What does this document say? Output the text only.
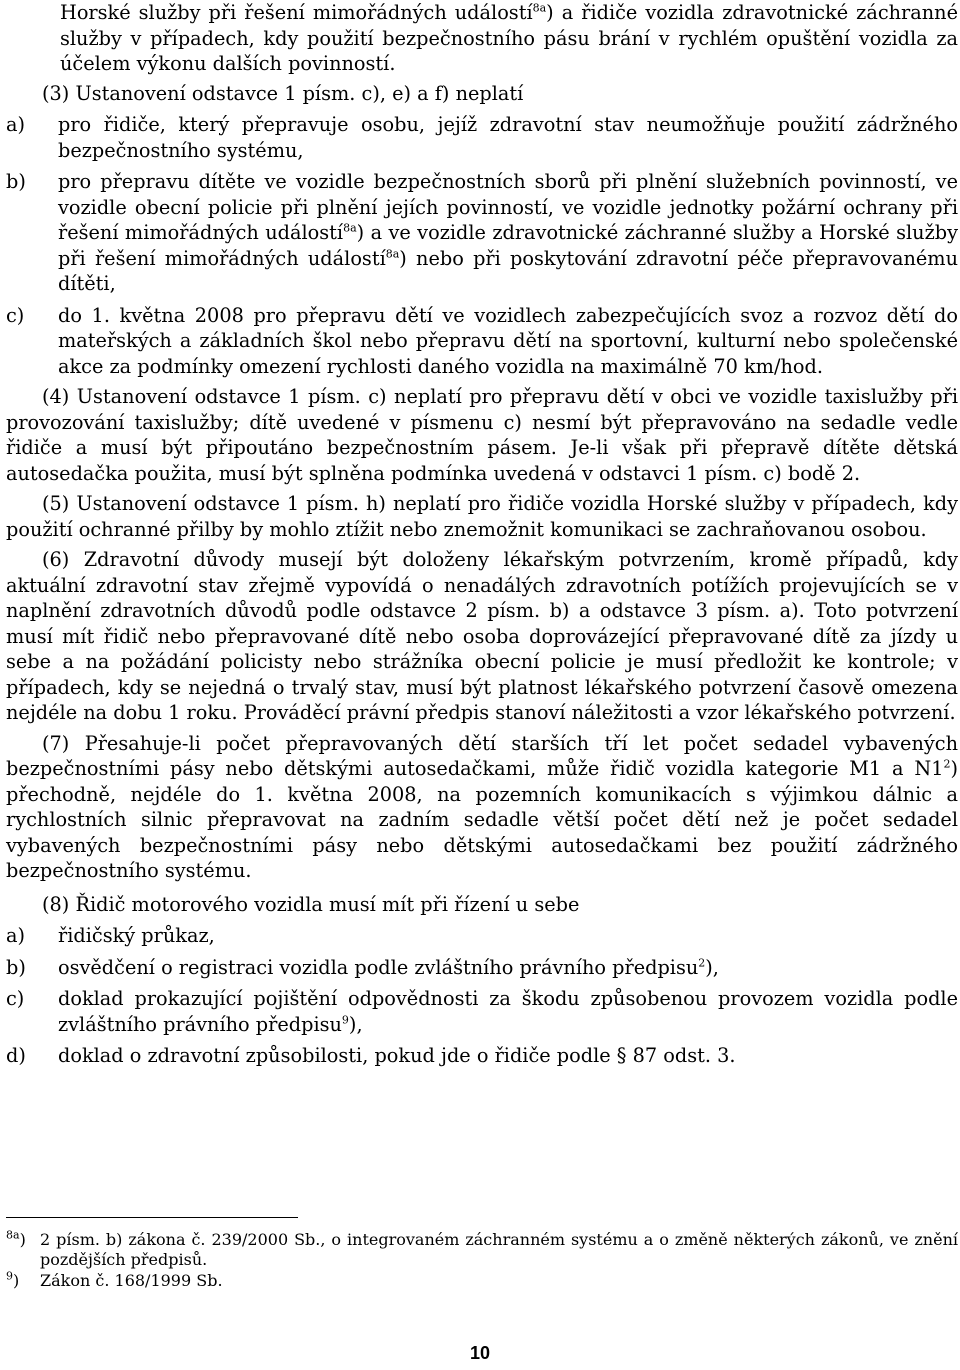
Horské služby při řešení mimořádných událostí$^{8a}$) a řidiče vozidla zdravotnické záchranné služby v případech, kdy použití bezpečnostního pásu brání v rychlém opuštění vozidla za účelem výkonu dalších povinností.

(3) Ustanovení odstavce 1 písm. c), e) a f) neplatí

a)	pro řidiče, který přepravuje osobu, jejíž zdravotní stav neumožňuje použití zádržného bezpečnostního systému,
b)	pro přepravu dítěte ve vozidle bezpečnostních sborů při plnění služebních povinností, ve vozidle obecní policie při plnění jejích povinností, ve vozidle jednotky požární ochrany při řešení mimořádných událostí$^{8a}$) a ve vozidle zdravotnické záchranné služby a Horské služby při řešení mimořádných událostí$^{8a}$) nebo při poskytování zdravotní péče přepravovanému dítěti,
c)	do 1. května 2008 pro přepravu dětí ve vozidlech zabezpečujících svoz a rozvoz dětí do mateřských a základních škol nebo přepravu dětí na sportovní, kulturní nebo společenské akce za podmínky omezení rychlosti daného vozidla na maximálně 70 km/hod.

(4) Ustanovení odstavce 1 písm. c) neplatí pro přepravu dětí v obci ve vozidle taxislužby při provozování taxislužby; dítě uvedené v písmenu c) nesmí být přepravováno na sedadle vedle řidiče a musí být připoutáno bezpečnostním pásem. Je-li však při přepravě dítěte dětská autosedačka použita, musí být splněna podmínka uvedená v odstavci 1 písm. c) bodě 2.

(5) Ustanovení odstavce 1 písm. h) neplatí pro řidiče vozidla Horské služby v případech, kdy použití ochranné přilby by mohlo ztížit nebo znemožnit komunikaci se zachraňovanou osobou.

(6) Zdravotní důvody musejí být doloženy lékařským potvrzením, kromě případů, kdy aktuální zdravotní stav zřejmě vypovídá o nenadálých zdravotních potížích projevujících se v naplnění zdravotních důvodů podle odstavce 2 písm. b) a odstavce 3 písm. a). Toto potvrzení musí mít řidič nebo přepravované dítě nebo osoba doprovázející přepravované dítě za jízdy u sebe a na požádání policisty nebo strážníka obecní policie je musí předložit ke kontrole; v případech, kdy se nejedná o trvalý stav, musí být platnost lékařského potvrzení časově omezena nejdéle na dobu 1 roku. Prováděcí právní předpis stanoví náležitosti a vzor lékařského potvrzení.

(7) Přesahuje-li počet přepravovaných dětí starších tří let počet sedadel vybavených bezpečnostními pásy nebo dětskými autosedačkami, může řidič vozidla kategorie M1 a $N1^2$) přechodně, nejdéle do 1. května 2008, na pozemních komunikacích s výjimkou dálnic a rychlostních silnic přepravovat na zadním sedadle větší počet dětí než je počet sedadel vybavených bezpečnostními pásy nebo dětskými autosedačkami bez použití zádržného bezpečnostního systému.

(8) Řidič motorového vozidla musí mít při řízení u sebe

a)	řidičský průkaz,
b)	osvědčení o registraci vozidla podle zvláštního právního předpisu$^2$),
c)	doklad prokazující pojištění odpovědnosti za škodu způsobenou provozem vozidla podle zvláštního právního předpisu$^9$),
d)	doklad o zdravotní způsobilosti, pokud jde o řidiče podle § 87 odst. 3.
$^{8a}$) 2 písm. b) zákona č. 239/2000 Sb., o integrovaném záchranném systému a o změně některých zákonů, ve znění pozdějších předpisů.
$^9$)	Zákon č. 168/1999 Sb.
10
